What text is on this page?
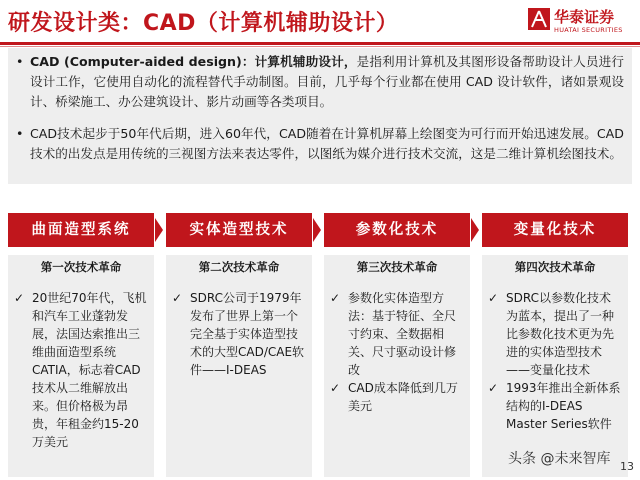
研发设计类：CAD（计算机辅助设计）	华泰证券
HUATAI SECURITIES
• CAD (Computer-aided design)：计算机辅助设计，是指利用计算机及其图形设备帮助设计人员进行设计工作，它使用自动化的流程替代手动制图。目前，几乎每个行业都在使用 CAD 设计软件，诸如景观设计、桥梁施工、办公建筑设计、影片动画等各类项目。
• CAD技术起步于50年代后期，进入60年代，CAD随着在计算机屏幕上绘图变为可行而开始迅速发展。CAD技术的出发点是用传统的三视图方法来表达零件，以图纸为媒介进行技术交流，这是二维计算机绘图技术。
曲面造型系统
第一次技术革命
✓ 20世纪70年代，飞机和汽车工业蓬勃发展，法国达索推出三维曲面造型系统CATIA，标志着CAD技术从二维解放出来。但价格极为昂贵，年租金约15-20万美元
实体造型技术
第二次技术革命
✓ SDRC公司于1979年发布了世界上第一个完全基于实体造型技术的大型CAD/CAE软件——I-DEAS
参数化技术
第三次技术革命
✓ 参数化实体造型方法：基于特征、全尺寸约束、全数据相关、尺寸驱动设计修改
✓ CAD成本降低到几万美元
变量化技术
第四次技术革命
✓ SDRC以参数化技术为蓝本，提出了一种比参数化技术更为先进的实体造型技术——变量化技术
✓ 1993年推出全新体系结构的I-DEAS Master Series软件
头条 @未来智库 13
